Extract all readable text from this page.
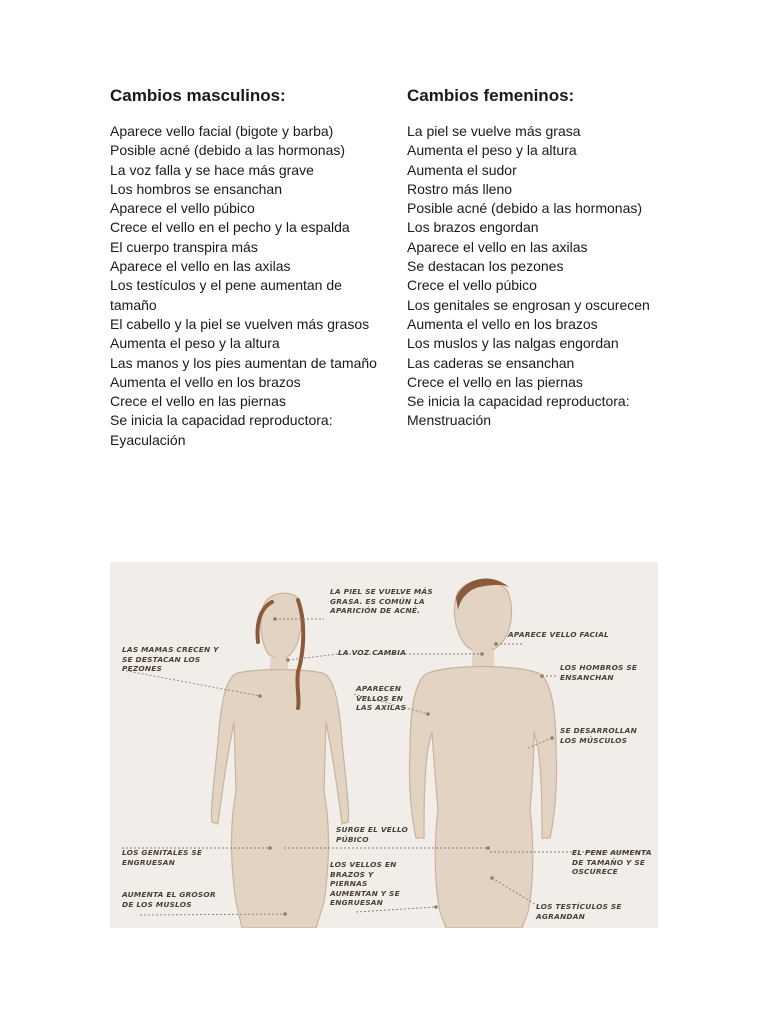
Cambios masculinos:
Aparece vello facial (bigote y barba)
Posible acné (debido a las hormonas)
La voz falla y se hace más grave
Los hombros se ensanchan
Aparece el vello púbico
Crece el vello en el pecho y la espalda
El cuerpo transpira más
Aparece el vello en las axilas
Los testículos y el pene aumentan de tamaño
El cabello y la piel se vuelven más grasos
Aumenta el peso y la altura
Las manos y los pies aumentan de tamaño
Aumenta el vello en los brazos
Crece el vello en las piernas
Se inicia la capacidad reproductora: Eyaculación
Cambios femeninos:
La piel se vuelve más grasa
Aumenta el peso y la altura
Aumenta el sudor
Rostro más lleno
Posible acné (debido a las hormonas)
Los brazos engordan
Aparece el vello en las axilas
Se destacan los pezones
Crece el vello púbico
Los genitales se engrosan y oscurecen
Aumenta el vello en los brazos
Los muslos y las nalgas engordan
Las caderas se ensanchan
Crece el vello en las piernas
Se inicia la capacidad reproductora: Menstruación
LA PIEL SE VUELVE MÁS GRASA. ES COMÚN LA APARICIÓN DE ACNÉ.
LAS MAMAS CRECEN Y SE DESTACAN LOS PEZONES
LA VOZ CAMBIA
APARECEN VELLOS EN LAS AXILAS
LOS GENITALES SE ENGRUESAN
AUMENTA EL GROSOR DE LOS MUSLOS
SURGE EL VELLO PÚBICO
LOS VELLOS EN BRAZOS Y PIERNAS AUMENTAN Y SE ENGRUESAN
APARECE VELLO FACIAL
LOS HOMBROS SE ENSANCHAN
SE DESARROLLAN LOS MÚSCULOS
EL PENE AUMENTA DE TAMAÑO Y SE OSCURECE
LOS TESTÍCULOS SE AGRANDAN
